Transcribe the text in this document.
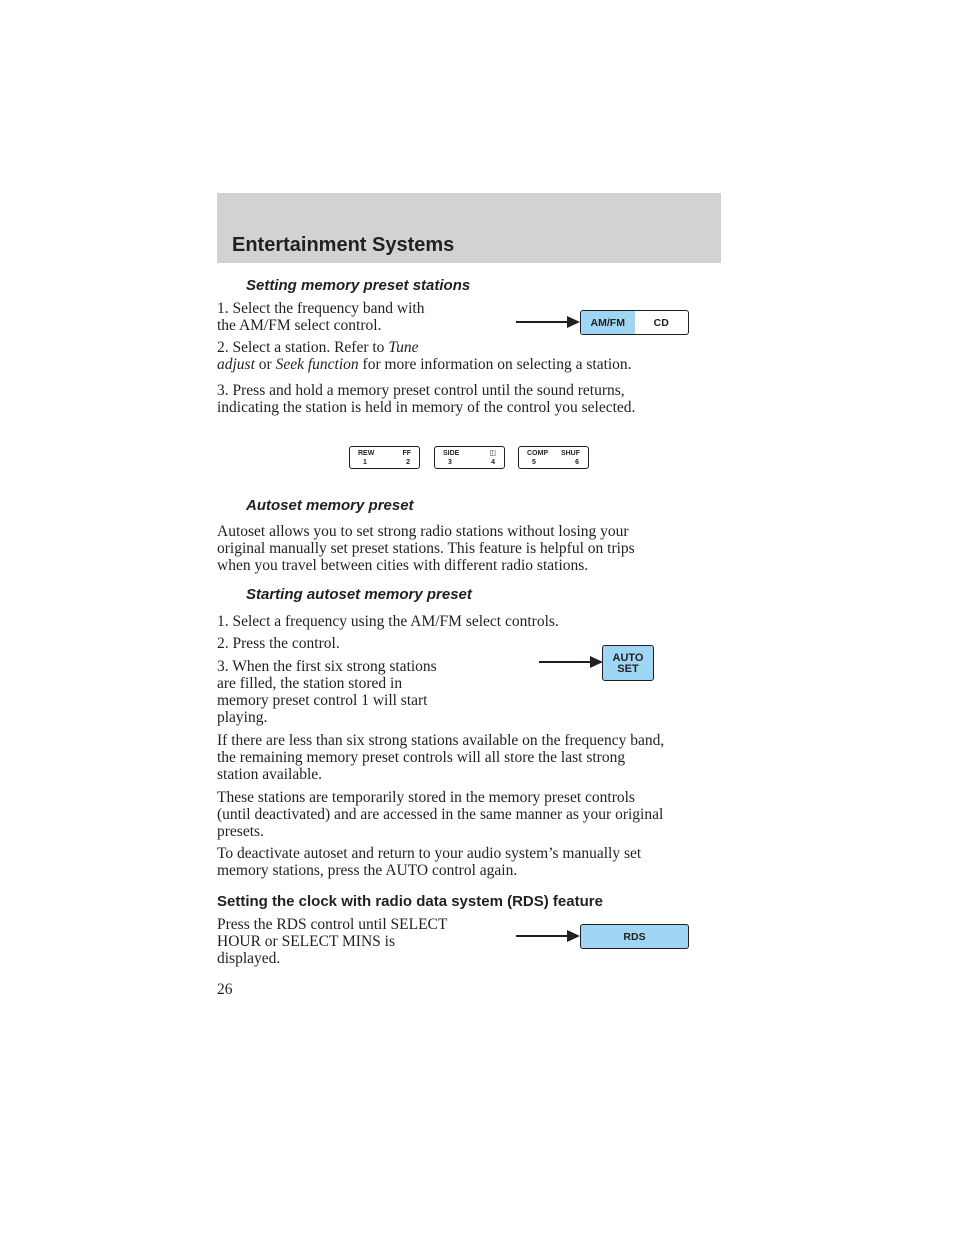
Entertainment Systems
Setting memory preset stations
1. Select the frequency band with
the AM/FM select control.
2. Select a station. Refer to Tune
adjust or Seek function for more information on selecting a station.
3. Press and hold a memory preset control until the sound returns,
indicating the station is held in memory of the control you selected.
AM/FM	CD
REW	FF
1	2
SIDE	◫
3	4
COMP SHUF
5	6
Autoset memory preset
Autoset allows you to set strong radio stations without losing your
original manually set preset stations. This feature is helpful on trips
when you travel between cities with different radio stations.
Starting autoset memory preset
1. Select a frequency using the AM/FM select controls.
2. Press the control.
3. When the first six strong stations
are filled, the station stored in
memory preset control 1 will start
playing.
AUTO
SET
If there are less than six strong stations available on the frequency band,
the remaining memory preset controls will all store the last strong
station available.
These stations are temporarily stored in the memory preset controls
(until deactivated) and are accessed in the same manner as your original
presets.
To deactivate autoset and return to your audio system’s manually set
memory stations, press the AUTO control again.
Setting the clock with radio data system (RDS) feature
Press the RDS control until SELECT
HOUR or SELECT MINS is
displayed.
RDS
26
